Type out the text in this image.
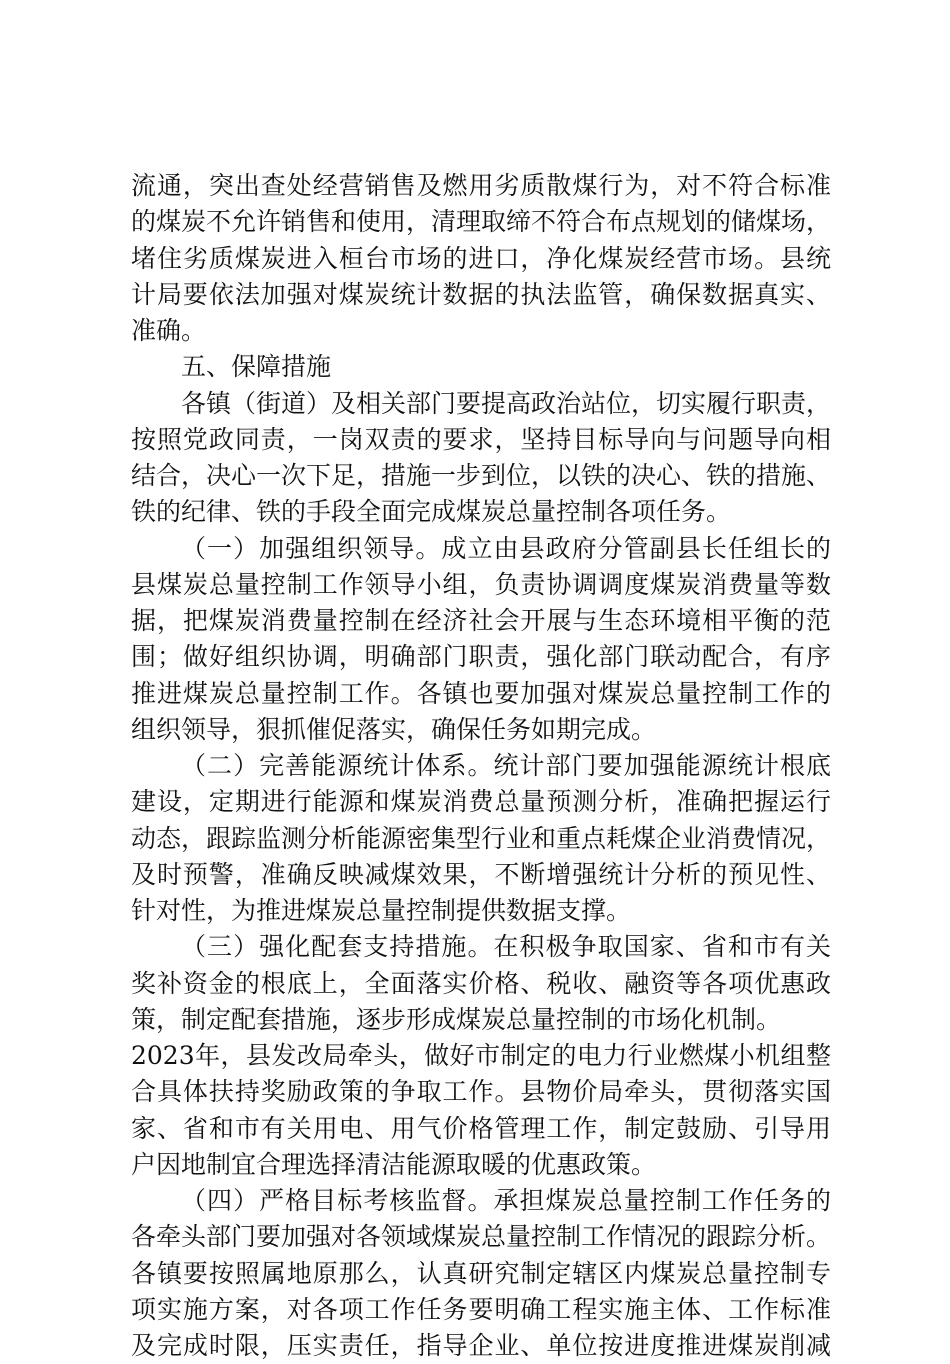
流通，突出查处经营销售及燃用劣质散煤行为，对不符合标准
的煤炭不允许销售和使用，清理取缔不符合布点规划的储煤场，
堵住劣质煤炭进入桓台市场的进口，净化煤炭经营市场。县统
计局要依法加强对煤炭统计数据的执法监管，确保数据真实、
准确。
五、保障措施
各镇（街道）及相关部门要提高政治站位，切实履行职责，
按照党政同责，一岗双责的要求，坚持目标导向与问题导向相
结合，决心一次下足，措施一步到位，以铁的决心、铁的措施、
铁的纪律、铁的手段全面完成煤炭总量控制各项任务。
（一）加强组织领导。成立由县政府分管副县长任组长的
县煤炭总量控制工作领导小组，负责协调调度煤炭消费量等数
据，把煤炭消费量控制在经济社会开展与生态环境相平衡的范
围；做好组织协调，明确部门职责，强化部门联动配合，有序
推进煤炭总量控制工作。各镇也要加强对煤炭总量控制工作的
组织领导，狠抓催促落实，确保任务如期完成。
（二）完善能源统计体系。统计部门要加强能源统计根底
建设，定期进行能源和煤炭消费总量预测分析，准确把握运行
动态，跟踪监测分析能源密集型行业和重点耗煤企业消费情况，
及时预警，准确反映减煤效果，不断增强统计分析的预见性、
针对性，为推进煤炭总量控制提供数据支撑。
（三）强化配套支持措施。在积极争取国家、省和市有关
奖补资金的根底上，全面落实价格、税收、融资等各项优惠政
策，制定配套措施，逐步形成煤炭总量控制的市场化机制。
2023年，县发改局牵头，做好市制定的电力行业燃煤小机组整
合具体扶持奖励政策的争取工作。县物价局牵头，贯彻落实国
家、省和市有关用电、用气价格管理工作，制定鼓励、引导用
户因地制宜合理选择清洁能源取暖的优惠政策。
（四）严格目标考核监督。承担煤炭总量控制工作任务的
各牵头部门要加强对各领域煤炭总量控制工作情况的跟踪分析。
各镇要按照属地原那么，认真研究制定辖区内煤炭总量控制专
项实施方案，对各项工作任务要明确工程实施主体、工作标准
及完成时限，压实责任，指导企业、单位按进度推进煤炭削减
